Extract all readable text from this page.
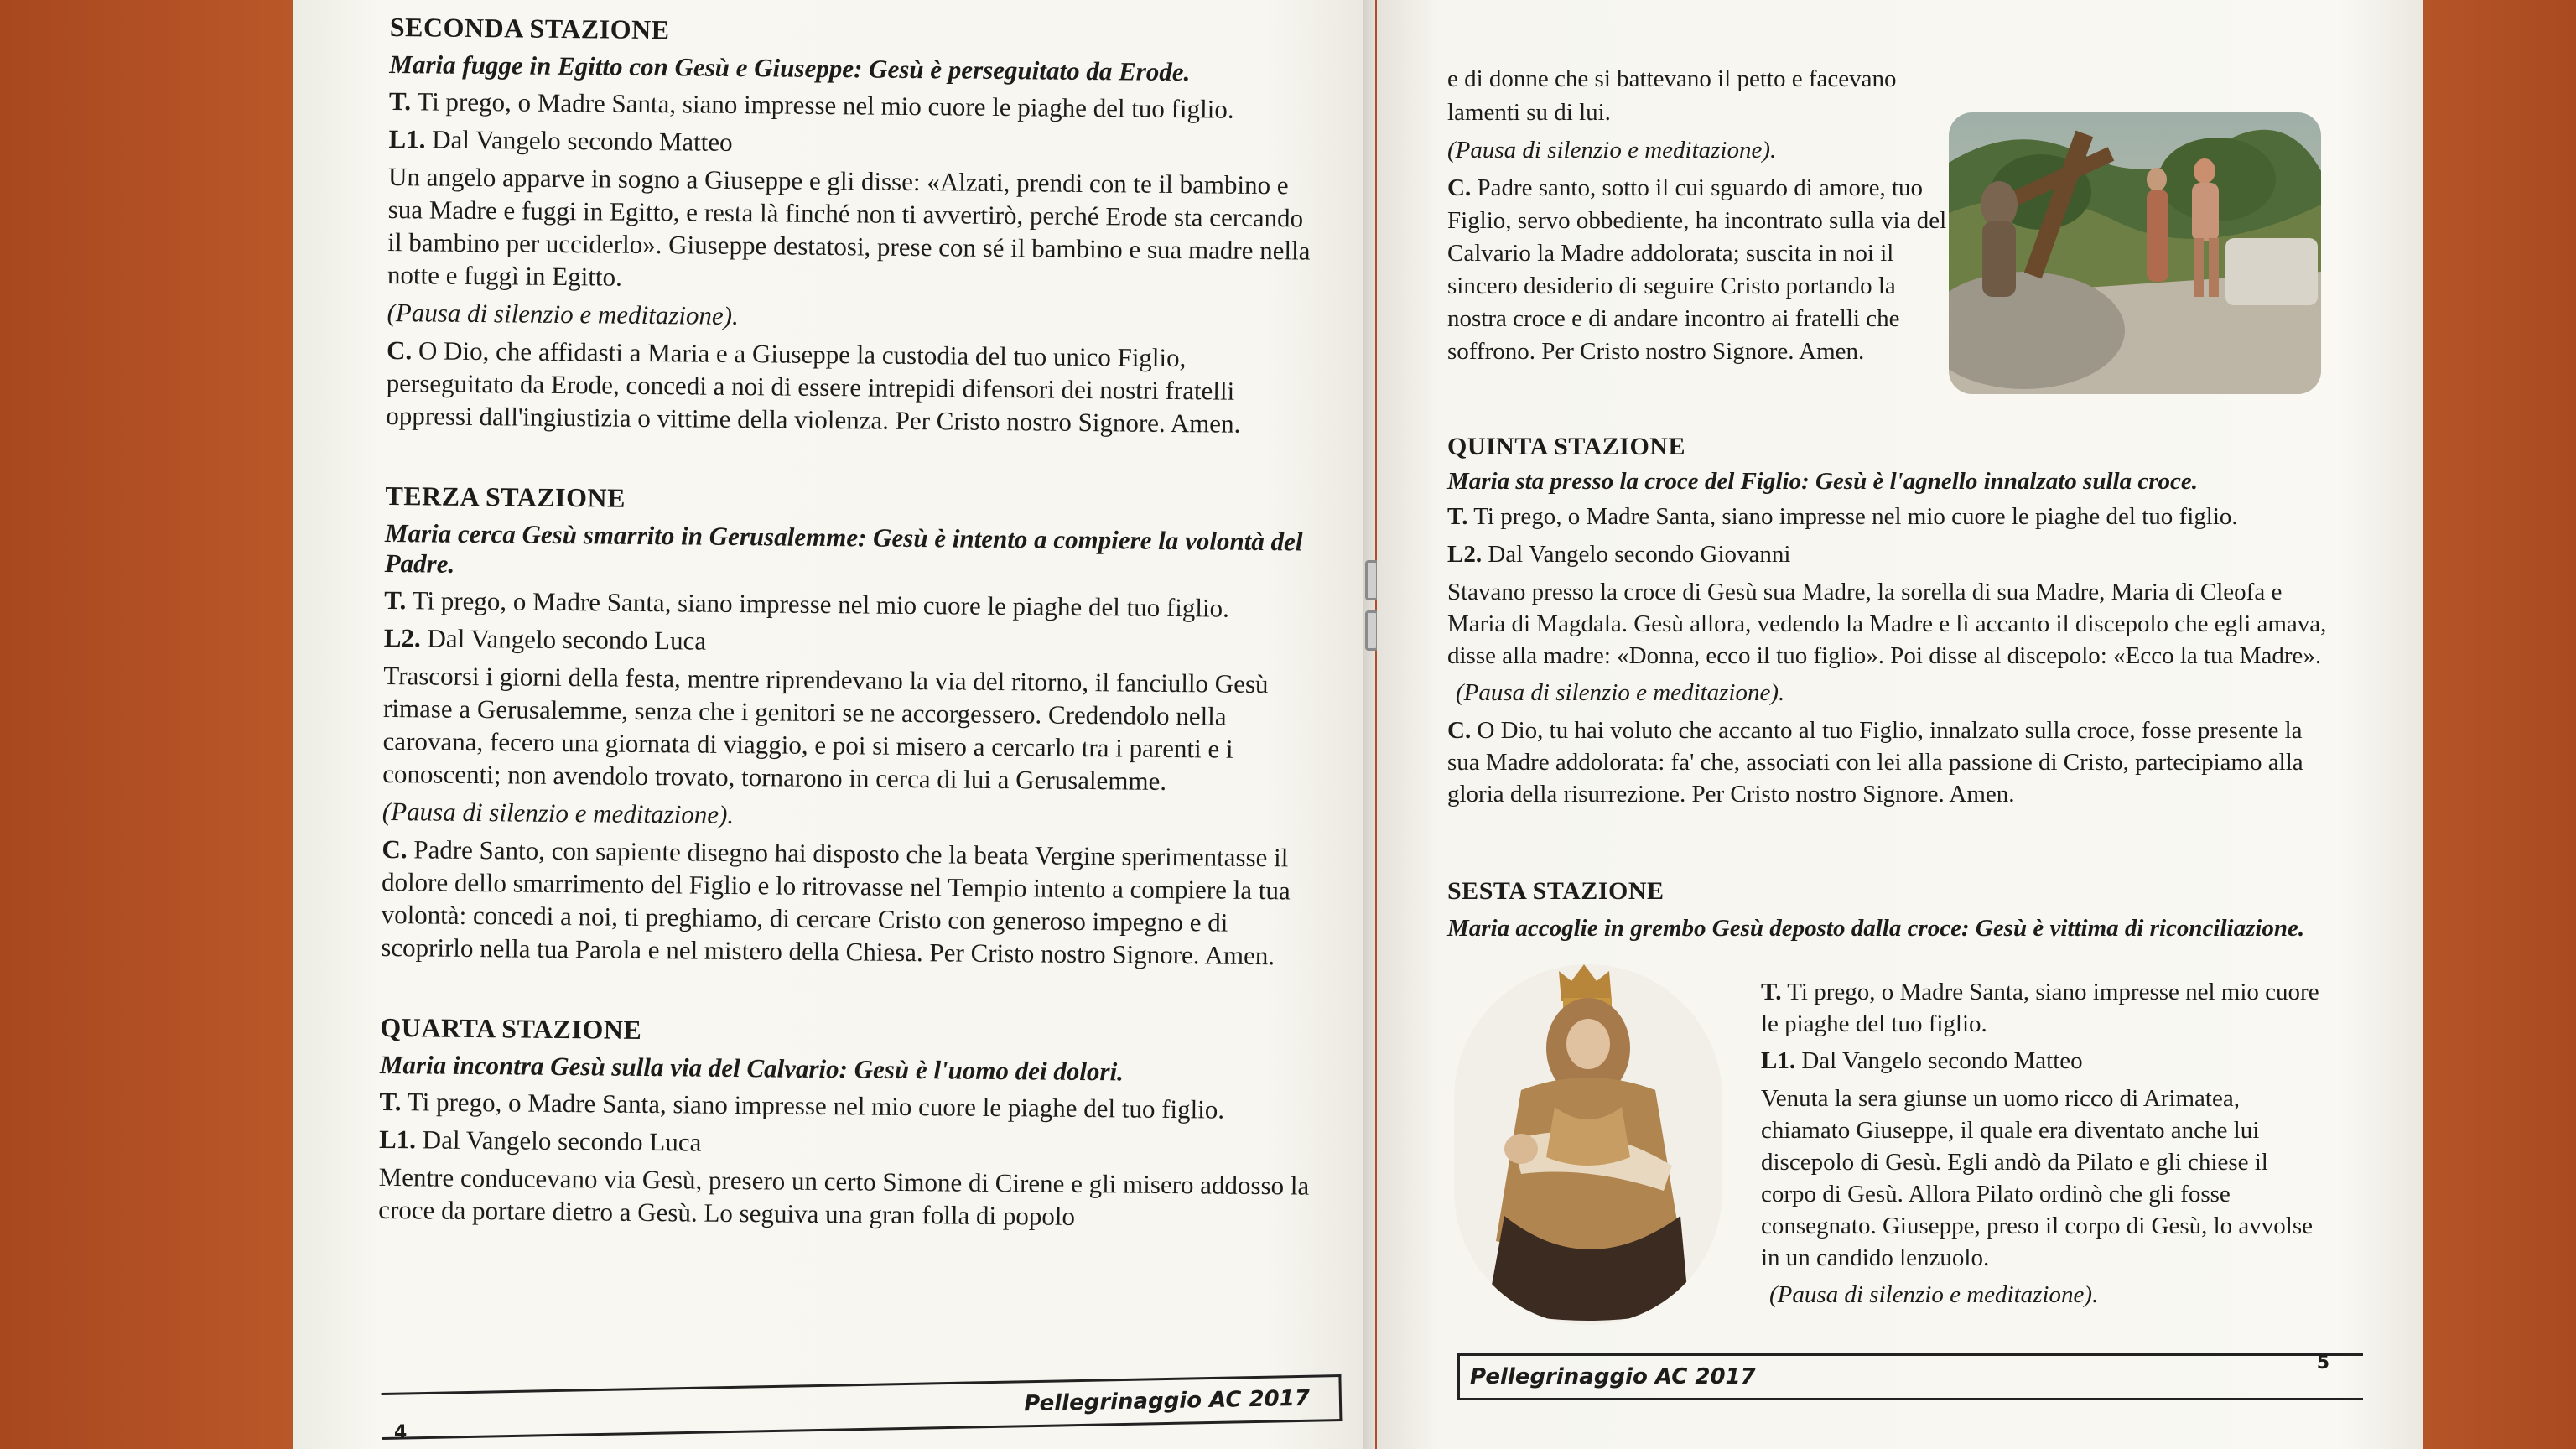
SECONDA STAZIONE
Maria fugge in Egitto con Gesù e Giuseppe: Gesù è perseguitato da Erode.

T. Ti prego, o Madre Santa, siano impresse nel mio cuore le piaghe del tuo figlio.

L1. Dal Vangelo secondo Matteo

Un angelo apparve in sogno a Giuseppe e gli disse: «Alzati, prendi con te il bambino e sua Madre e fuggi in Egitto, e resta là finché non ti avvertirò, perché Erode sta cercando il bambino per ucciderlo». Giuseppe destatosi, prese con sé il bambino e sua madre nella notte e fuggì in Egitto.

(Pausa di silenzio e meditazione).

C. O Dio, che affidasti a Maria e a Giuseppe la custodia del tuo unico Figlio, perseguitato da Erode, concedi a noi di essere intrepidi difensori dei nostri fratelli oppressi dall'ingiustizia o vittime della violenza. Per Cristo nostro Signore. Amen.

TERZA STAZIONE
Maria cerca Gesù smarrito in Gerusalemme: Gesù è intento a compiere la volontà del Padre.

T. Ti prego, o Madre Santa, siano impresse nel mio cuore le piaghe del tuo figlio.

L2. Dal Vangelo secondo Luca

Trascorsi i giorni della festa, mentre riprendevano la via del ritorno, il fanciullo Gesù rimase a Gerusalemme, senza che i genitori se ne accorgessero. Credendolo nella carovana, fecero una giornata di viaggio, e poi si misero a cercarlo tra i parenti e i conoscenti; non avendolo trovato, tornarono in cerca di lui a Gerusalemme.

(Pausa di silenzio e meditazione).

C. Padre Santo, con sapiente disegno hai disposto che la beata Vergine sperimentasse il dolore dello smarrimento del Figlio e lo ritrovasse nel Tempio intento a compiere la tua volontà: concedi a noi, ti preghiamo, di cercare Cristo con generoso impegno e di scoprirlo nella tua Parola e nel mistero della Chiesa. Per Cristo nostro Signore. Amen.

QUARTA STAZIONE
Maria incontra Gesù sulla via del Calvario: Gesù è l'uomo dei dolori.

T. Ti prego, o Madre Santa, siano impresse nel mio cuore le piaghe del tuo figlio.

L1. Dal Vangelo secondo Luca

Mentre conducevano via Gesù, presero un certo Simone di Cirene e gli misero addosso la croce da portare dietro a Gesù. Lo seguiva una gran folla di popolo

Pellegrinaggio AC 2017
4

e di donne che si battevano il petto e facevano lamenti su di lui.

(Pausa di silenzio e meditazione).

C. Padre santo, sotto il cui sguardo di amore, tuo Figlio, servo obbediente, ha incontrato sulla via del Calvario la Madre addolorata; suscita in noi il sincero desiderio di seguire Cristo portando la nostra croce e di andare incontro ai fratelli che soffrono. Per Cristo nostro Signore. Amen.

QUINTA STAZIONE
Maria sta presso la croce del Figlio: Gesù è l'agnello innalzato sulla croce.

T. Ti prego, o Madre Santa, siano impresse nel mio cuore le piaghe del tuo figlio.

L2. Dal Vangelo secondo Giovanni

Stavano presso la croce di Gesù sua Madre, la sorella di sua Madre, Maria di Cleofa e Maria di Magdala. Gesù allora, vedendo la Madre e lì accanto il discepolo che egli amava, disse alla madre: «Donna, ecco il tuo figlio». Poi disse al discepolo: «Ecco la tua Madre».

(Pausa di silenzio e meditazione).

C. O Dio, tu hai voluto che accanto al tuo Figlio, innalzato sulla croce, fosse presente la sua Madre addolorata: fa' che, associati con lei alla passione di Cristo, partecipiamo alla gloria della risurrezione. Per Cristo nostro Signore. Amen.

SESTA STAZIONE
Maria accoglie in grembo Gesù deposto dalla croce: Gesù è vittima di riconciliazione.

T. Ti prego, o Madre Santa, siano impresse nel mio cuore le piaghe del tuo figlio.

L1. Dal Vangelo secondo Matteo

Venuta la sera giunse un uomo ricco di Arimatea, chiamato Giuseppe, il quale era diventato anche lui discepolo di Gesù. Egli andò da Pilato e gli chiese il corpo di Gesù. Allora Pilato ordinò che gli fosse consegnato. Giuseppe, preso il corpo di Gesù, lo avvolse in un candido lenzuolo.

(Pausa di silenzio e meditazione).

Pellegrinaggio AC 2017
5
